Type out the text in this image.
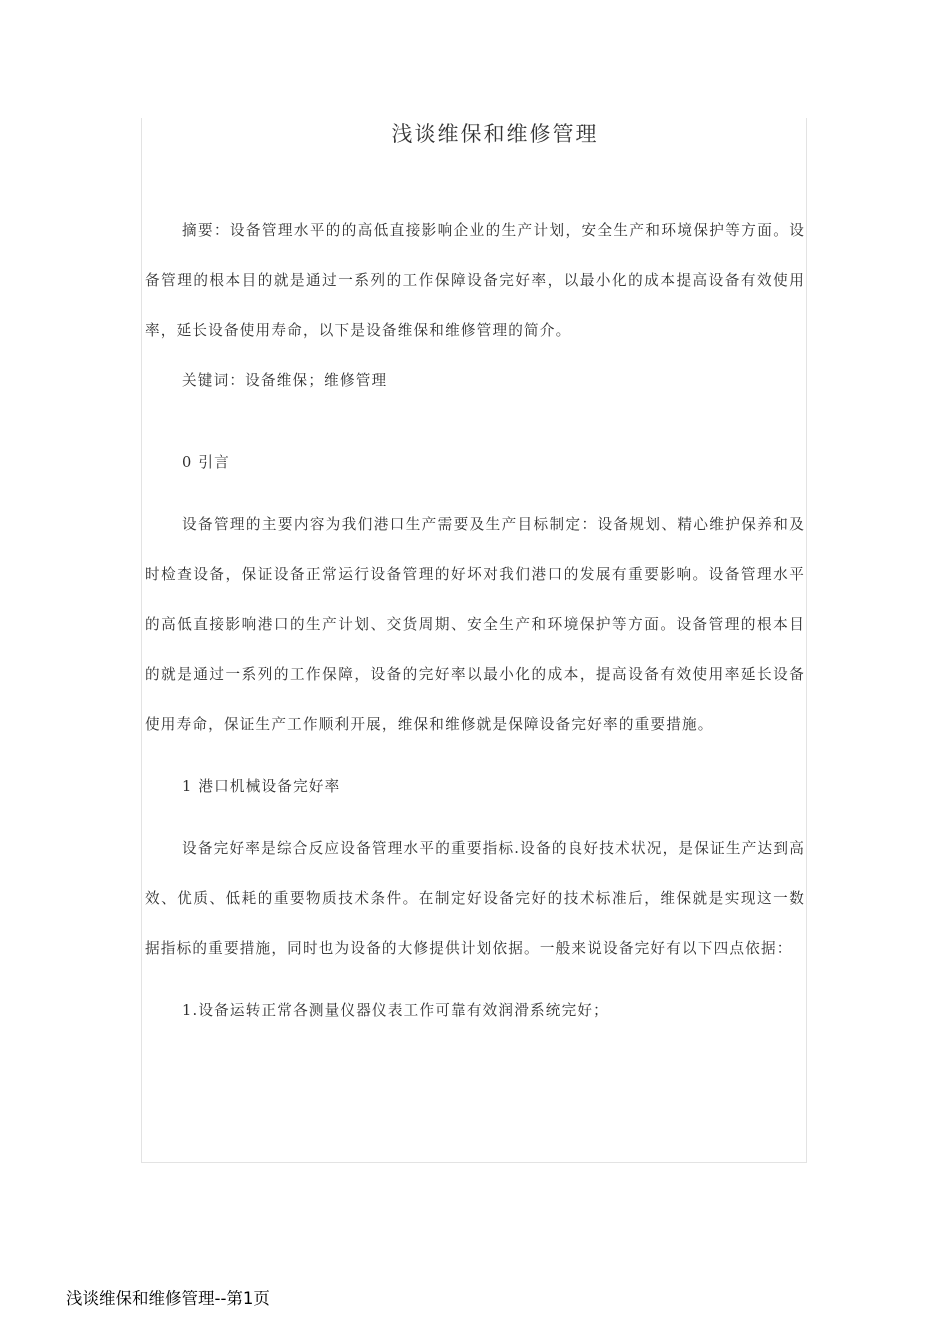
浅谈维保和维修管理

摘要：设备管理水平的的高低直接影响企业的生产计划，安全生产和环境保护等方面。设备管理的根本目的就是通过一系列的工作保障设备完好率，以最小化的成本提高设备有效使用率，延长设备使用寿命，以下是设备维保和维修管理的简介。

关键词：设备维保；维修管理

0 引言

设备管理的主要内容为我们港口生产需要及生产目标制定：设备规划、精心维护保养和及时检查设备，保证设备正常运行设备管理的好坏对我们港口的发展有重要影响。设备管理水平的高低直接影响港口的生产计划、交货周期、安全生产和环境保护等方面。设备管理的根本目的就是通过一系列的工作保障，设备的完好率以最小化的成本，提高设备有效使用率延长设备使用寿命，保证生产工作顺利开展，维保和维修就是保障设备完好率的重要措施。

1 港口机械设备完好率

设备完好率是综合反应设备管理水平的重要指标.设备的良好技术状况，是保证生产达到高效、优质、低耗的重要物质技术条件。在制定好设备完好的技术标准后，维保就是实现这一数据指标的重要措施，同时也为设备的大修提供计划依据。一般来说设备完好有以下四点依据：

1.设备运转正常各测量仪器仪表工作可靠有效润滑系统完好；

浅谈维保和维修管理--第1页
